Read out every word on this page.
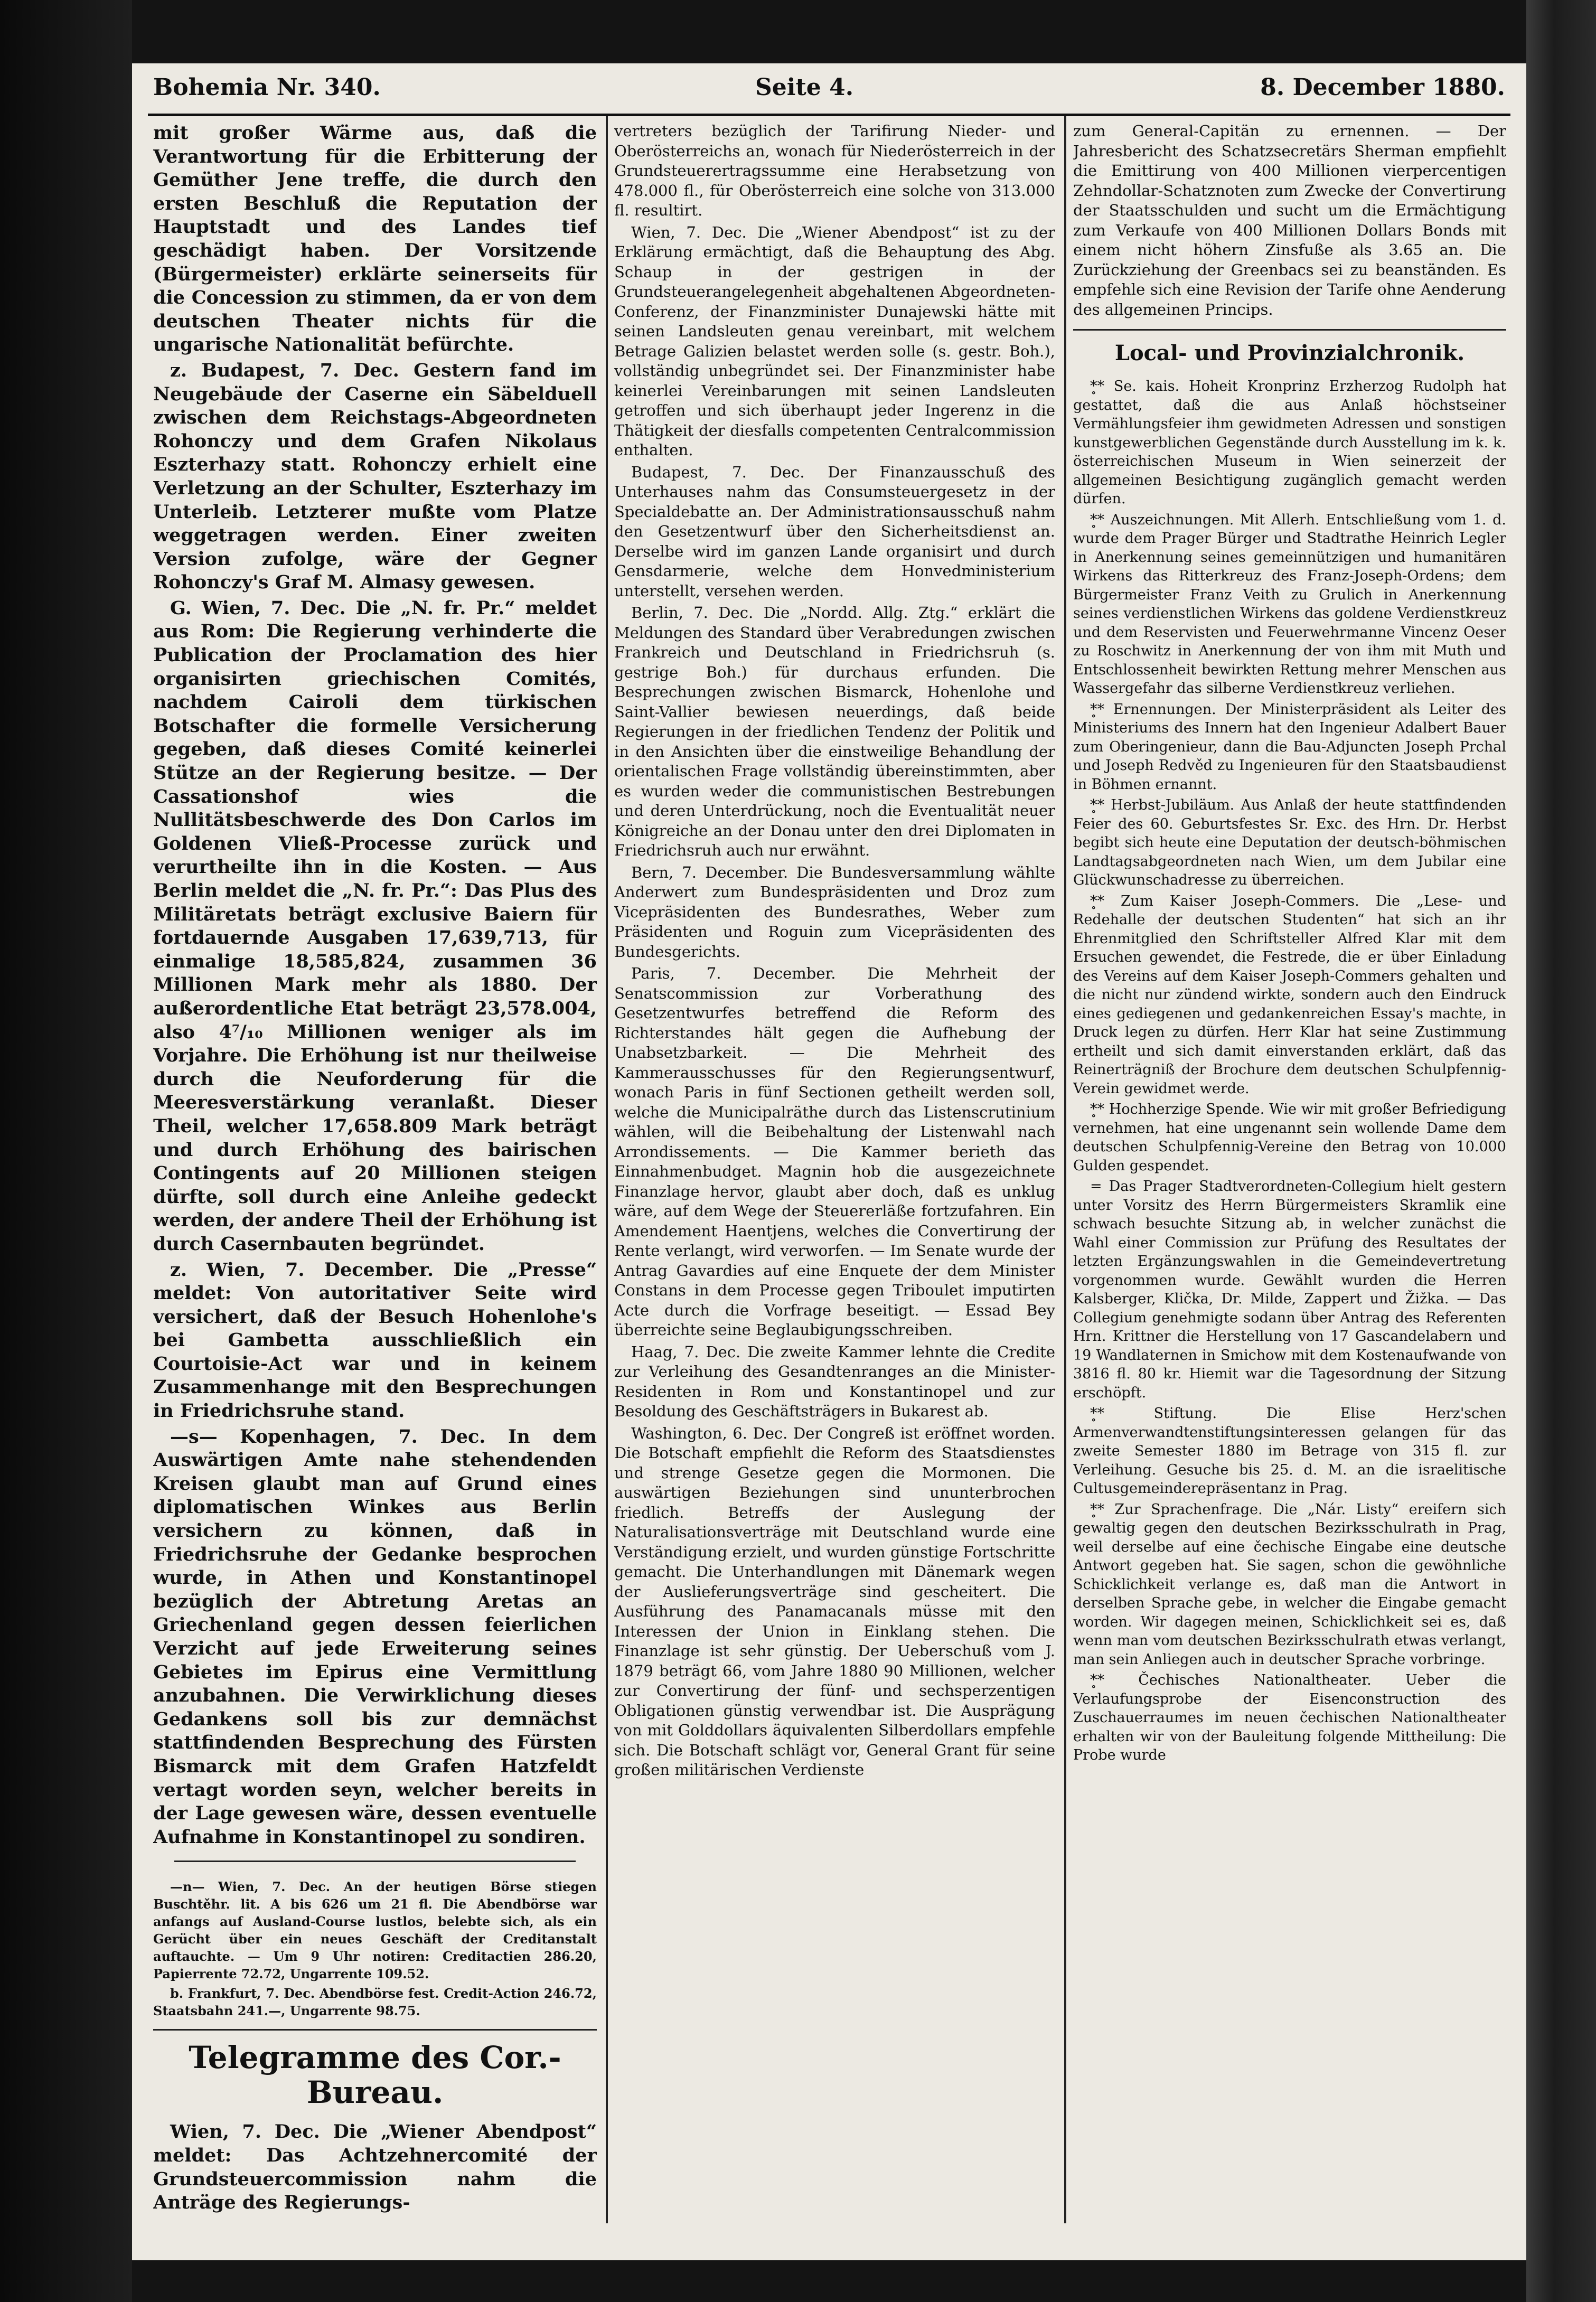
Bohemia Nr. 340.	Seite 4.	8. December 1880.

mit großer Wärme aus, daß die Verantwortung für die Erbitterung der Gemüther Jene treffe, die durch den ersten Beschluß die Reputation der Hauptstadt und des Landes tief geschädigt haben. Der Vorsitzende (Bürgermeister) erklärte seinerseits für die Concession zu stimmen, da er von dem deutschen Theater nichts für die ungarische Nationalität befürchte.

z. Budapest, 7. Dec. Gestern fand im Neugebäude der Caserne ein Säbelduell zwischen dem Reichstags-Abgeordneten Rohonczy und dem Grafen Nikolaus Eszterhazy statt. Rohonczy erhielt eine Verletzung an der Schulter, Eszterhazy im Unterleib. Letzterer mußte vom Platze weggetragen werden. Einer zweiten Version zufolge, wäre der Gegner Rohonczy's Graf M. Almasy gewesen.

G. Wien, 7. Dec. Die „N. fr. Pr.“ meldet aus Rom: Die Regierung verhinderte die Publication der Proclamation des hier organisirten griechischen Comités, nachdem Cairoli dem türkischen Botschafter die formelle Versicherung gegeben, daß dieses Comité keinerlei Stütze an der Regierung besitze. — Der Cassationshof wies die Nullitätsbeschwerde des Don Carlos im Goldenen Vließ-Processe zurück und verurtheilte ihn in die Kosten. — Aus Berlin meldet die „N. fr. Pr.“: Das Plus des Militäretats beträgt exclusive Baiern für fortdauernde Ausgaben 17,639,713, für einmalige 18,585,824, zusammen 36 Millionen Mark mehr als 1880. Der außerordentliche Etat beträgt 23,578.004, also 4⁷/₁₀ Millionen weniger als im Vorjahre. Die Erhöhung ist nur theilweise durch die Neuforderung für die Meeresverstärkung veranlaßt. Dieser Theil, welcher 17,658.809 Mark beträgt und durch Erhöhung des bairischen Contingents auf 20 Millionen steigen dürfte, soll durch eine Anleihe gedeckt werden, der andere Theil der Erhöhung ist durch Casernbauten begründet.

z. Wien, 7. December. Die „Presse“ meldet: Von autoritativer Seite wird versichert, daß der Besuch Hohenlohe's bei Gambetta ausschließlich ein Courtoisie-Act war und in keinem Zusammenhange mit den Besprechungen in Friedrichsruhe stand.

—s— Kopenhagen, 7. Dec. In dem Auswärtigen Amte nahe stehendenden Kreisen glaubt man auf Grund eines diplomatischen Winkes aus Berlin versichern zu können, daß in Friedrichsruhe der Gedanke besprochen wurde, in Athen und Konstantinopel bezüglich der Abtretung Aretas an Griechenland gegen dessen feierlichen Verzicht auf jede Erweiterung seines Gebietes im Epirus eine Vermittlung anzubahnen. Die Verwirklichung dieses Gedankens soll bis zur demnächst stattfindenden Besprechung des Fürsten Bismarck mit dem Grafen Hatzfeldt vertagt worden seyn, welcher bereits in der Lage gewesen wäre, dessen eventuelle Aufnahme in Konstantinopel zu sondiren.

—n— Wien, 7. Dec. An der heutigen Börse stiegen Buschtěhr. lit. A bis 626 um 21 fl. Die Abendbörse war anfangs auf Ausland-Course lustlos, belebte sich, als ein Gerücht über ein neues Geschäft der Creditanstalt auftauchte. — Um 9 Uhr notiren: Creditactien 286.20, Papierrente 72.72, Ungarrente 109.52.

b. Frankfurt, 7. Dec. Abendbörse fest. Credit-Action 246.72, Staatsbahn 241.—, Ungarrente 98.75.

Telegramme des Cor.-Bureau.

Wien, 7. Dec. Die „Wiener Abendpost“ meldet: Das Achtzehnercomité der Grundsteuercommission nahm die Anträge des Regierungs-

vertreters bezüglich der Tarifirung Nieder- und Oberösterreichs an, wonach für Niederösterreich in der Grundsteuerertragssumme eine Herabsetzung von 478.000 fl., für Oberösterreich eine solche von 313.000 fl. resultirt.

Wien, 7. Dec. Die „Wiener Abendpost“ ist zu der Erklärung ermächtigt, daß die Behauptung des Abg. Schaup in der gestrigen in der Grundsteuerangelegenheit abgehaltenen Abgeordneten-Conferenz, der Finanzminister Dunajewski hätte mit seinen Landsleuten genau vereinbart, mit welchem Betrage Galizien belastet werden solle (s. gestr. Boh.), vollständig unbegründet sei. Der Finanzminister habe keinerlei Vereinbarungen mit seinen Landsleuten getroffen und sich überhaupt jeder Ingerenz in die Thätigkeit der diesfalls competenten Centralcommission enthalten.

Budapest, 7. Dec. Der Finanzausschuß des Unterhauses nahm das Consumsteuergesetz in der Specialdebatte an. Der Administrationsausschuß nahm den Gesetzentwurf über den Sicherheitsdienst an. Derselbe wird im ganzen Lande organisirt und durch Gensdarmerie, welche dem Honvedministerium unterstellt, versehen werden.

Berlin, 7. Dec. Die „Nordd. Allg. Ztg.“ erklärt die Meldungen des Standard über Verabredungen zwischen Frankreich und Deutschland in Friedrichsruh (s. gestrige Boh.) für durchaus erfunden. Die Besprechungen zwischen Bismarck, Hohenlohe und Saint-Vallier bewiesen neuerdings, daß beide Regierungen in der friedlichen Tendenz der Politik und in den Ansichten über die einstweilige Behandlung der orientalischen Frage vollständig übereinstimmten, aber es wurden weder die communistischen Bestrebungen und deren Unterdrückung, noch die Eventualität neuer Königreiche an der Donau unter den drei Diplomaten in Friedrichsruh auch nur erwähnt.

Bern, 7. December. Die Bundesversammlung wählte Anderwert zum Bundespräsidenten und Droz zum Vicepräsidenten des Bundesrathes, Weber zum Präsidenten und Roguin zum Vicepräsidenten des Bundesgerichts.

Paris, 7. December. Die Mehrheit der Senatscommission zur Vorberathung des Gesetzentwurfes betreffend die Reform des Richterstandes hält gegen die Aufhebung der Unabsetzbarkeit. — Die Mehrheit des Kammerausschusses für den Regierungsentwurf, wonach Paris in fünf Sectionen getheilt werden soll, welche die Municipalräthe durch das Listenscrutinium wählen, will die Beibehaltung der Listenwahl nach Arrondissements. — Die Kammer berieth das Einnahmenbudget. Magnin hob die ausgezeichnete Finanzlage hervor, glaubt aber doch, daß es unklug wäre, auf dem Wege der Steuererläße fortzufahren. Ein Amendement Haentjens, welches die Convertirung der Rente verlangt, wird verworfen. — Im Senate wurde der Antrag Gavardies auf eine Enquete der dem Minister Constans in dem Processe gegen Triboulet imputirten Acte durch die Vorfrage beseitigt. — Essad Bey überreichte seine Beglaubigungsschreiben.

Haag, 7. Dec. Die zweite Kammer lehnte die Credite zur Verleihung des Gesandtenranges an die Minister-Residenten in Rom und Konstantinopel und zur Besoldung des Geschäftsträgers in Bukarest ab.

Washington, 6. Dec. Der Congreß ist eröffnet worden. Die Botschaft empfiehlt die Reform des Staatsdienstes und strenge Gesetze gegen die Mormonen. Die auswärtigen Beziehungen sind ununterbrochen friedlich. Betreffs der Auslegung der Naturalisationsverträge mit Deutschland wurde eine Verständigung erzielt, und wurden günstige Fortschritte gemacht. Die Unterhandlungen mit Dänemark wegen der Auslieferungsverträge sind gescheitert. Die Ausführung des Panamacanals müsse mit den Interessen der Union in Einklang stehen. Die Finanzlage ist sehr günstig. Der Ueberschuß vom J. 1879 beträgt 66, vom Jahre 1880 90 Millionen, welcher zur Convertirung der fünf- und sechsperzentigen Obligationen günstig verwendbar ist. Die Ausprägung von mit Golddollars äquivalenten Silberdollars empfehle sich. Die Botschaft schlägt vor, General Grant für seine großen militärischen Verdienste

zum General-Capitän zu ernennen. — Der Jahresbericht des Schatzsecretärs Sherman empfiehlt die Emittirung von 400 Millionen vierpercentigen Zehndollar-Schatznoten zum Zwecke der Convertirung der Staatsschulden und sucht um die Ermächtigung zum Verkaufe von 400 Millionen Dollars Bonds mit einem nicht höhern Zinsfuße als 3.65 an. Die Zurückziehung der Greenbacs sei zu beanständen. Es empfehle sich eine Revision der Tarife ohne Aenderung des allgemeinen Princips.

Local- und Provinzialchronik.

*̥* Se. kais. Hoheit Kronprinz Erzherzog Rudolph hat gestattet, daß die aus Anlaß höchstseiner Vermählungsfeier ihm gewidmeten Adressen und sonstigen kunstgewerblichen Gegenstände durch Ausstellung im k. k. österreichischen Museum in Wien seinerzeit der allgemeinen Besichtigung zugänglich gemacht werden dürfen.

*̥* Auszeichnungen. Mit Allerh. Entschließung vom 1. d. wurde dem Prager Bürger und Stadtrathe Heinrich Legler in Anerkennung seines gemeinnützigen und humanitären Wirkens das Ritterkreuz des Franz-Joseph-Ordens; dem Bürgermeister Franz Veith zu Grulich in Anerkennung seines verdienstlichen Wirkens das goldene Verdienstkreuz und dem Reservisten und Feuerwehrmanne Vincenz Oeser zu Roschwitz in Anerkennung der von ihm mit Muth und Entschlossenheit bewirkten Rettung mehrer Menschen aus Wassergefahr das silberne Verdienstkreuz verliehen.

*̥* Ernennungen. Der Ministerpräsident als Leiter des Ministeriums des Innern hat den Ingenieur Adalbert Bauer zum Oberingenieur, dann die Bau-Adjuncten Joseph Prchal und Joseph Redvěd zu Ingenieuren für den Staatsbaudienst in Böhmen ernannt.

*̥* Herbst-Jubiläum. Aus Anlaß der heute stattfindenden Feier des 60. Geburtsfestes Sr. Exc. des Hrn. Dr. Herbst begibt sich heute eine Deputation der deutsch-böhmischen Landtagsabgeordneten nach Wien, um dem Jubilar eine Glückwunschadresse zu überreichen.

*̥* Zum Kaiser Joseph-Commers. Die „Lese- und Redehalle der deutschen Studenten“ hat sich an ihr Ehrenmitglied den Schriftsteller Alfred Klar mit dem Ersuchen gewendet, die Festrede, die er über Einladung des Vereins auf dem Kaiser Joseph-Commers gehalten und die nicht nur zündend wirkte, sondern auch den Eindruck eines gediegenen und gedankenreichen Essay's machte, in Druck legen zu dürfen. Herr Klar hat seine Zustimmung ertheilt und sich damit einverstanden erklärt, daß das Reinerträgniß der Brochure dem deutschen Schulpfennig-Verein gewidmet werde.

*̥* Hochherzige Spende. Wie wir mit großer Befriedigung vernehmen, hat eine ungenannt sein wollende Dame dem deutschen Schulpfennig-Vereine den Betrag von 10.000 Gulden gespendet.

= Das Prager Stadtverordneten-Collegium hielt gestern unter Vorsitz des Herrn Bürgermeisters Skramlik eine schwach besuchte Sitzung ab, in welcher zunächst die Wahl einer Commission zur Prüfung des Resultates der letzten Ergänzungswahlen in die Gemeindevertretung vorgenommen wurde. Gewählt wurden die Herren Kalsberger, Klička, Dr. Milde, Zappert und Žižka. — Das Collegium genehmigte sodann über Antrag des Referenten Hrn. Krittner die Herstellung von 17 Gascandelabern und 19 Wandlaternen in Smichow mit dem Kostenaufwande von 3816 fl. 80 kr. Hiemit war die Tagesordnung der Sitzung erschöpft.

*̥* Stiftung. Die Elise Herz'schen Armenverwandtenstiftungsinteressen gelangen für das zweite Semester 1880 im Betrage von 315 fl. zur Verleihung. Gesuche bis 25. d. M. an die israelitische Cultusgemeinderepräsentanz in Prag.

*̥* Zur Sprachenfrage. Die „Nár. Listy“ ereifern sich gewaltig gegen den deutschen Bezirksschulrath in Prag, weil derselbe auf eine čechische Eingabe eine deutsche Antwort gegeben hat. Sie sagen, schon die gewöhnliche Schicklichkeit verlange es, daß man die Antwort in derselben Sprache gebe, in welcher die Eingabe gemacht worden. Wir dagegen meinen, Schicklichkeit sei es, daß wenn man vom deutschen Bezirksschulrath etwas verlangt, man sein Anliegen auch in deutscher Sprache vorbringe.

*̥* Čechisches Nationaltheater. Ueber die Verlaufungsprobe der Eisenconstruction des Zuschauerraumes im neuen čechischen Nationaltheater erhalten wir von der Bauleitung folgende Mittheilung: Die Probe wurde
